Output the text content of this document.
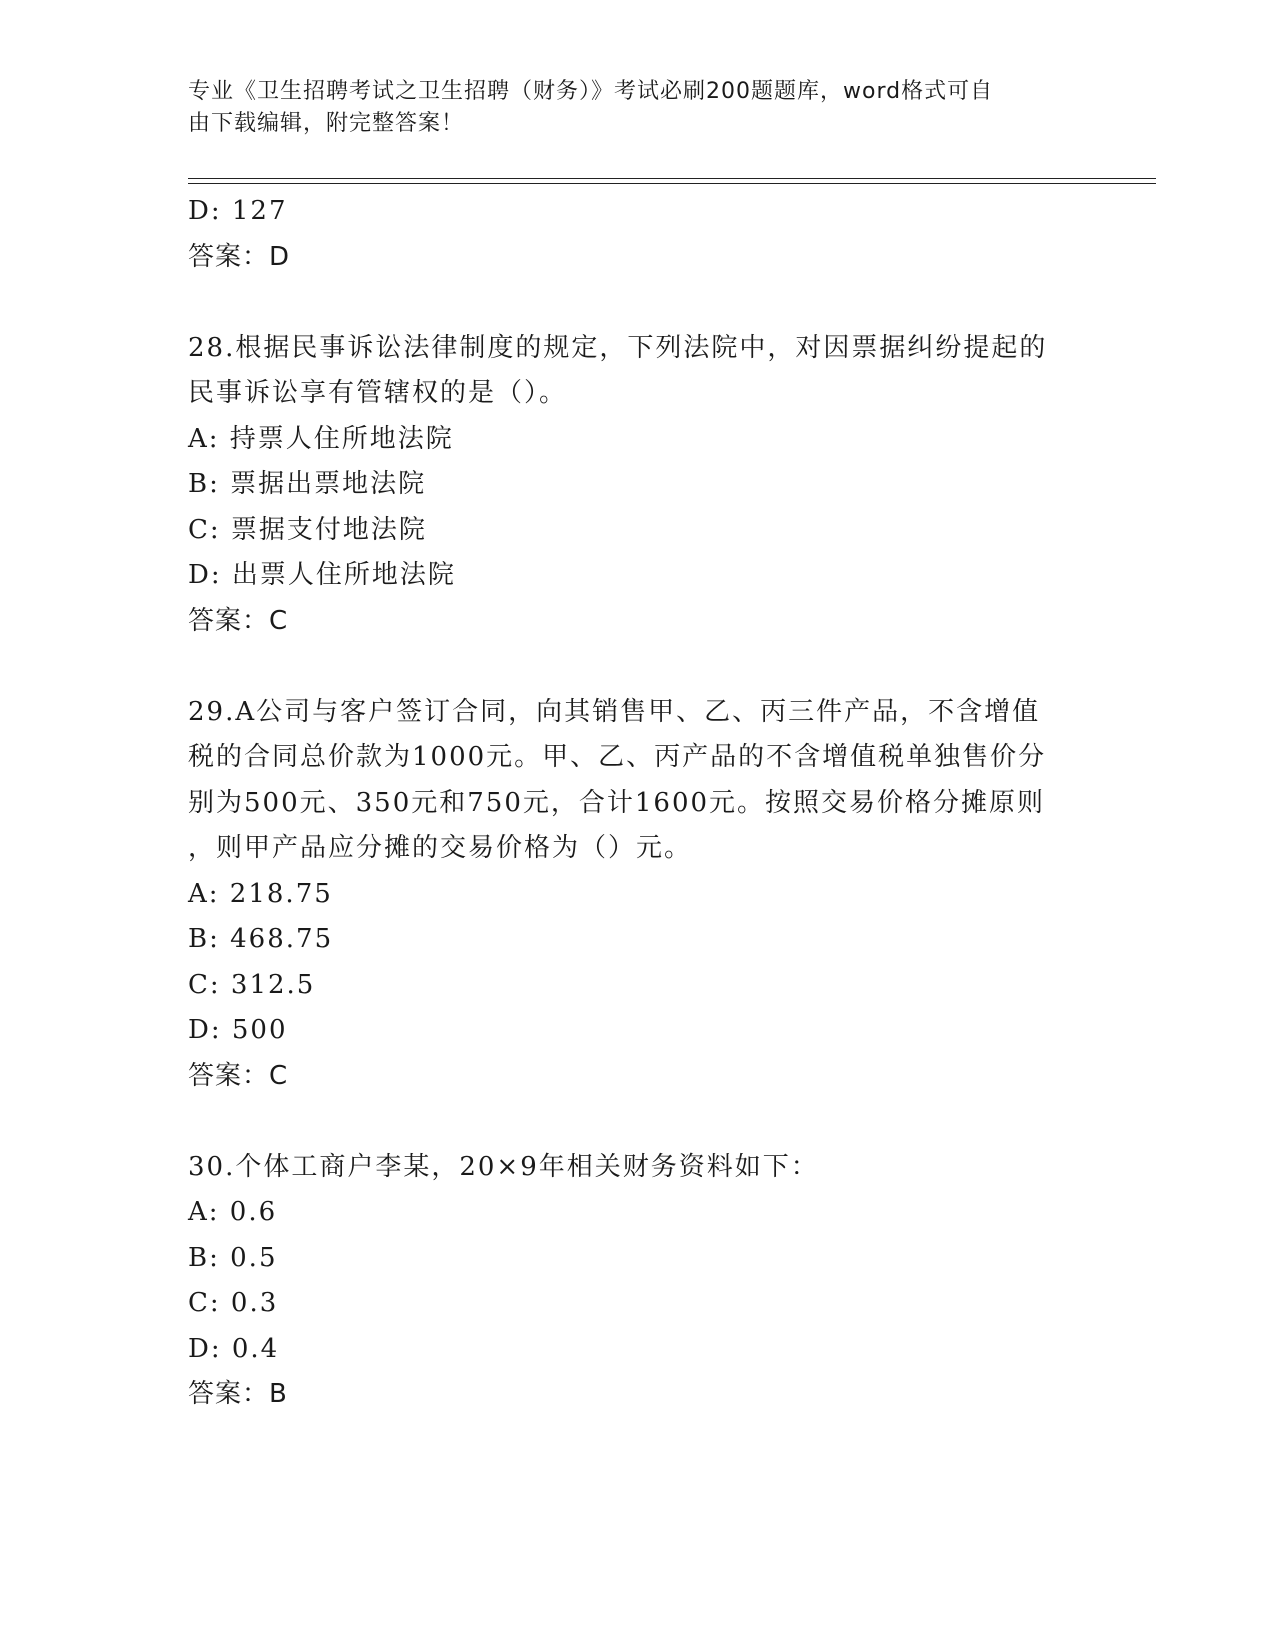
专业《卫生招聘考试之卫生招聘（财务）》考试必刷200题题库，word格式可自
由下载编辑，附完整答案！
D: 127
答案：D
28.根据民事诉讼法律制度的规定，下列法院中，对因票据纠纷提起的
民事诉讼享有管辖权的是（）。
A: 持票人住所地法院
B: 票据出票地法院
C: 票据支付地法院
D: 出票人住所地法院
答案：C
29.A公司与客户签订合同，向其销售甲、乙、丙三件产品，不含增值
税的合同总价款为1000元。甲、乙、丙产品的不含增值税单独售价分
别为500元、350元和750元，合计1600元。按照交易价格分摊原则
，则甲产品应分摊的交易价格为（）元。
A: 218.75
B: 468.75
C: 312.5
D: 500
答案：C
30.个体工商户李某，20×9年相关财务资料如下：
A: 0.6
B: 0.5
C: 0.3
D: 0.4
答案：B
